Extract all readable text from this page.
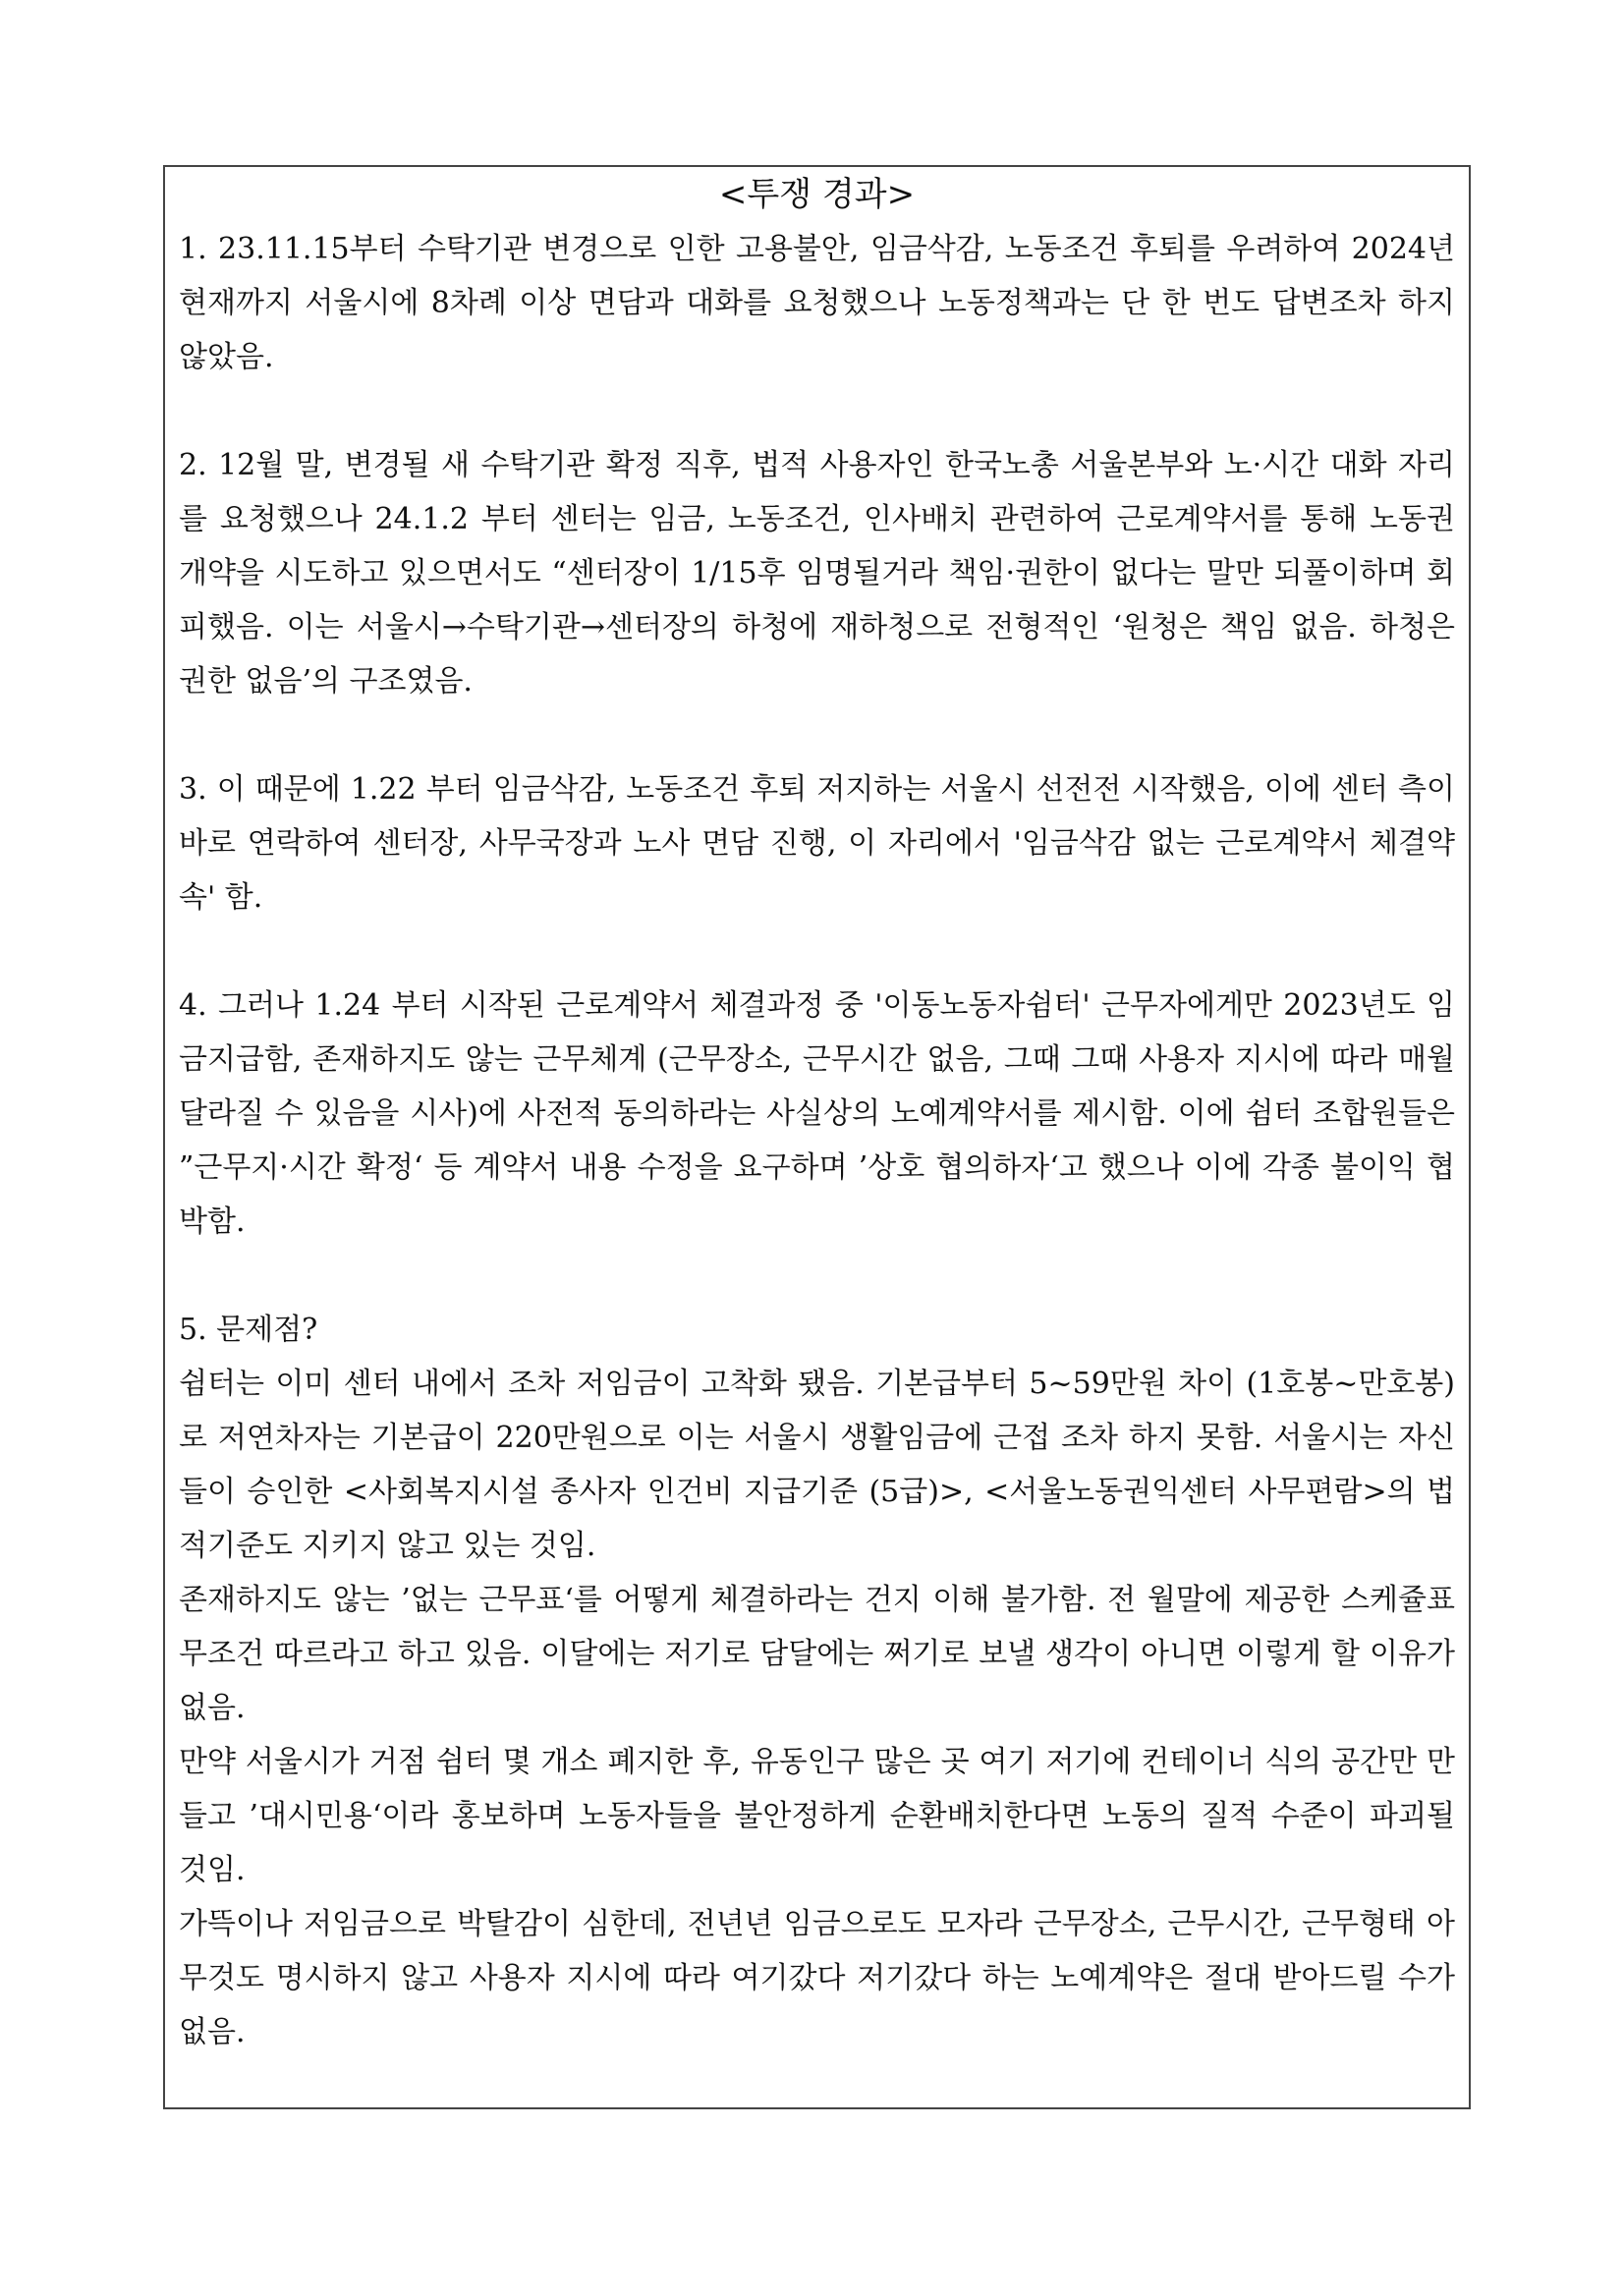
<투쟁 경과>

1. 23.11.15부터 수탁기관 변경으로 인한 고용불안, 임금삭감, 노동조건 후퇴를 우려하여 2024년 현재까지 서울시에 8차례 이상 면담과 대화를 요청했으나 노동정책과는 단 한 번도 답변조차 하지 않았음.

2. 12월 말, 변경될 새 수탁기관 확정 직후, 법적 사용자인 한국노총 서울본부와 노·시간 대화 자리를 요청했으나 24.1.2 부터 센터는 임금, 노동조건, 인사배치 관련하여 근로계약서를 통해 노동권 개약을 시도하고 있으면서도 “센터장이 1/15후 임명될거라 책임·권한이 없다는 말만 되풀이하며 회피했음. 이는 서울시→수탁기관→센터장의 하청에 재하청으로 전형적인 ‘원청은 책임 없음. 하청은 권한 없음’의 구조였음.

3. 이 때문에 1.22 부터 임금삭감, 노동조건 후퇴 저지하는 서울시 선전전 시작했음, 이에 센터 측이 바로 연락하여 센터장, 사무국장과 노사 면담 진행, 이 자리에서 '임금삭감 없는 근로계약서 체결약속' 함.

4. 그러나 1.24 부터 시작된 근로계약서 체결과정 중 '이동노동자쉼터' 근무자에게만 2023년도 임금지급함, 존재하지도 않는 근무체계 (근무장소, 근무시간 없음, 그때 그때 사용자 지시에 따라 매월 달라질 수 있음을 시사)에 사전적 동의하라는 사실상의 노예계약서를 제시함. 이에 쉼터 조합원들은 ”근무지·시간 확정‘ 등 계약서 내용 수정을 요구하며 ’상호 협의하자‘고 했으나 이에 각종 불이익 협박함.

5. 문제점?

쉼터는 이미 센터 내에서 조차 저임금이 고착화 됐음. 기본급부터 5~59만원 차이 (1호봉~만호봉)로 저연차자는 기본급이 220만원으로 이는 서울시 생활임금에 근접 조차 하지 못함. 서울시는 자신들이 승인한 <사회복지시설 종사자 인건비 지급기준 (5급)>, <서울노동권익센터 사무편람>의 법적기준도 지키지 않고 있는 것임.

존재하지도 않는 ’없는 근무표‘를 어떻게 체결하라는 건지 이해 불가함. 전 월말에 제공한 스케쥴표 무조건 따르라고 하고 있음. 이달에는 저기로 담달에는 쩌기로 보낼 생각이 아니면 이렇게 할 이유가 없음.

만약 서울시가 거점 쉼터 몇 개소 폐지한 후, 유동인구 많은 곳 여기 저기에 컨테이너 식의 공간만 만들고 ’대시민용‘이라 홍보하며 노동자들을 불안정하게 순환배치한다면 노동의 질적 수준이 파괴될 것임.

가뜩이나 저임금으로 박탈감이 심한데, 전년년 임금으로도 모자라 근무장소, 근무시간, 근무형태 아무것도 명시하지 않고 사용자 지시에 따라 여기갔다 저기갔다 하는 노예계약은 절대 받아드릴 수가 없음.
